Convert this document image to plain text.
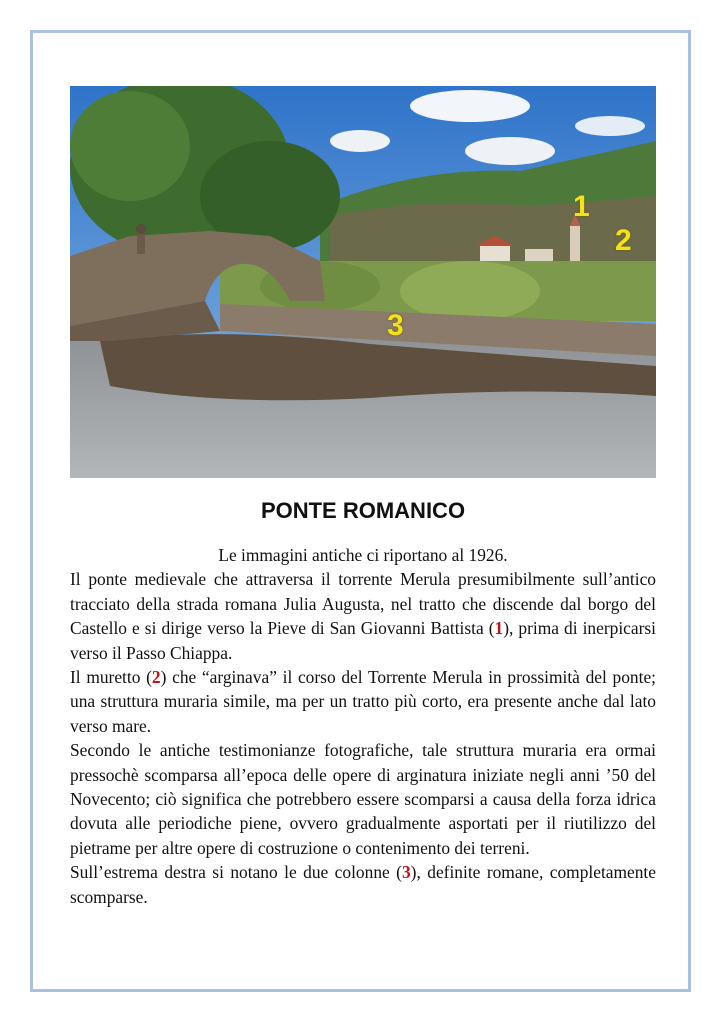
1
2
3
PONTE ROMANICO

Le immagini antiche ci riportano al 1926.

Il ponte medievale che attraversa il torrente Merula presumibilmente sull’antico tracciato della strada romana Julia Augusta, nel tratto che discende dal borgo del Castello e si dirige verso la Pieve di San Giovanni Battista (1), prima di inerpicarsi verso il Passo Chiappa.

Il muretto (2) che “arginava” il corso del Torrente Merula in prossimità del ponte; una struttura muraria simile, ma per un tratto più corto, era presente anche dal lato verso mare.

Secondo le antiche testimonianze fotografiche, tale struttura muraria era ormai pressochè scomparsa all’epoca delle opere di arginatura iniziate negli anni ’50 del Novecento; ciò significa che potrebbero essere scomparsi a causa della forza idrica dovuta alle periodiche piene, ovvero gradualmente asportati per il riutilizzo del pietrame per altre opere di costruzione o contenimento dei terreni.

Sull’estrema destra si notano le due colonne (3), definite romane, completamente scomparse.
